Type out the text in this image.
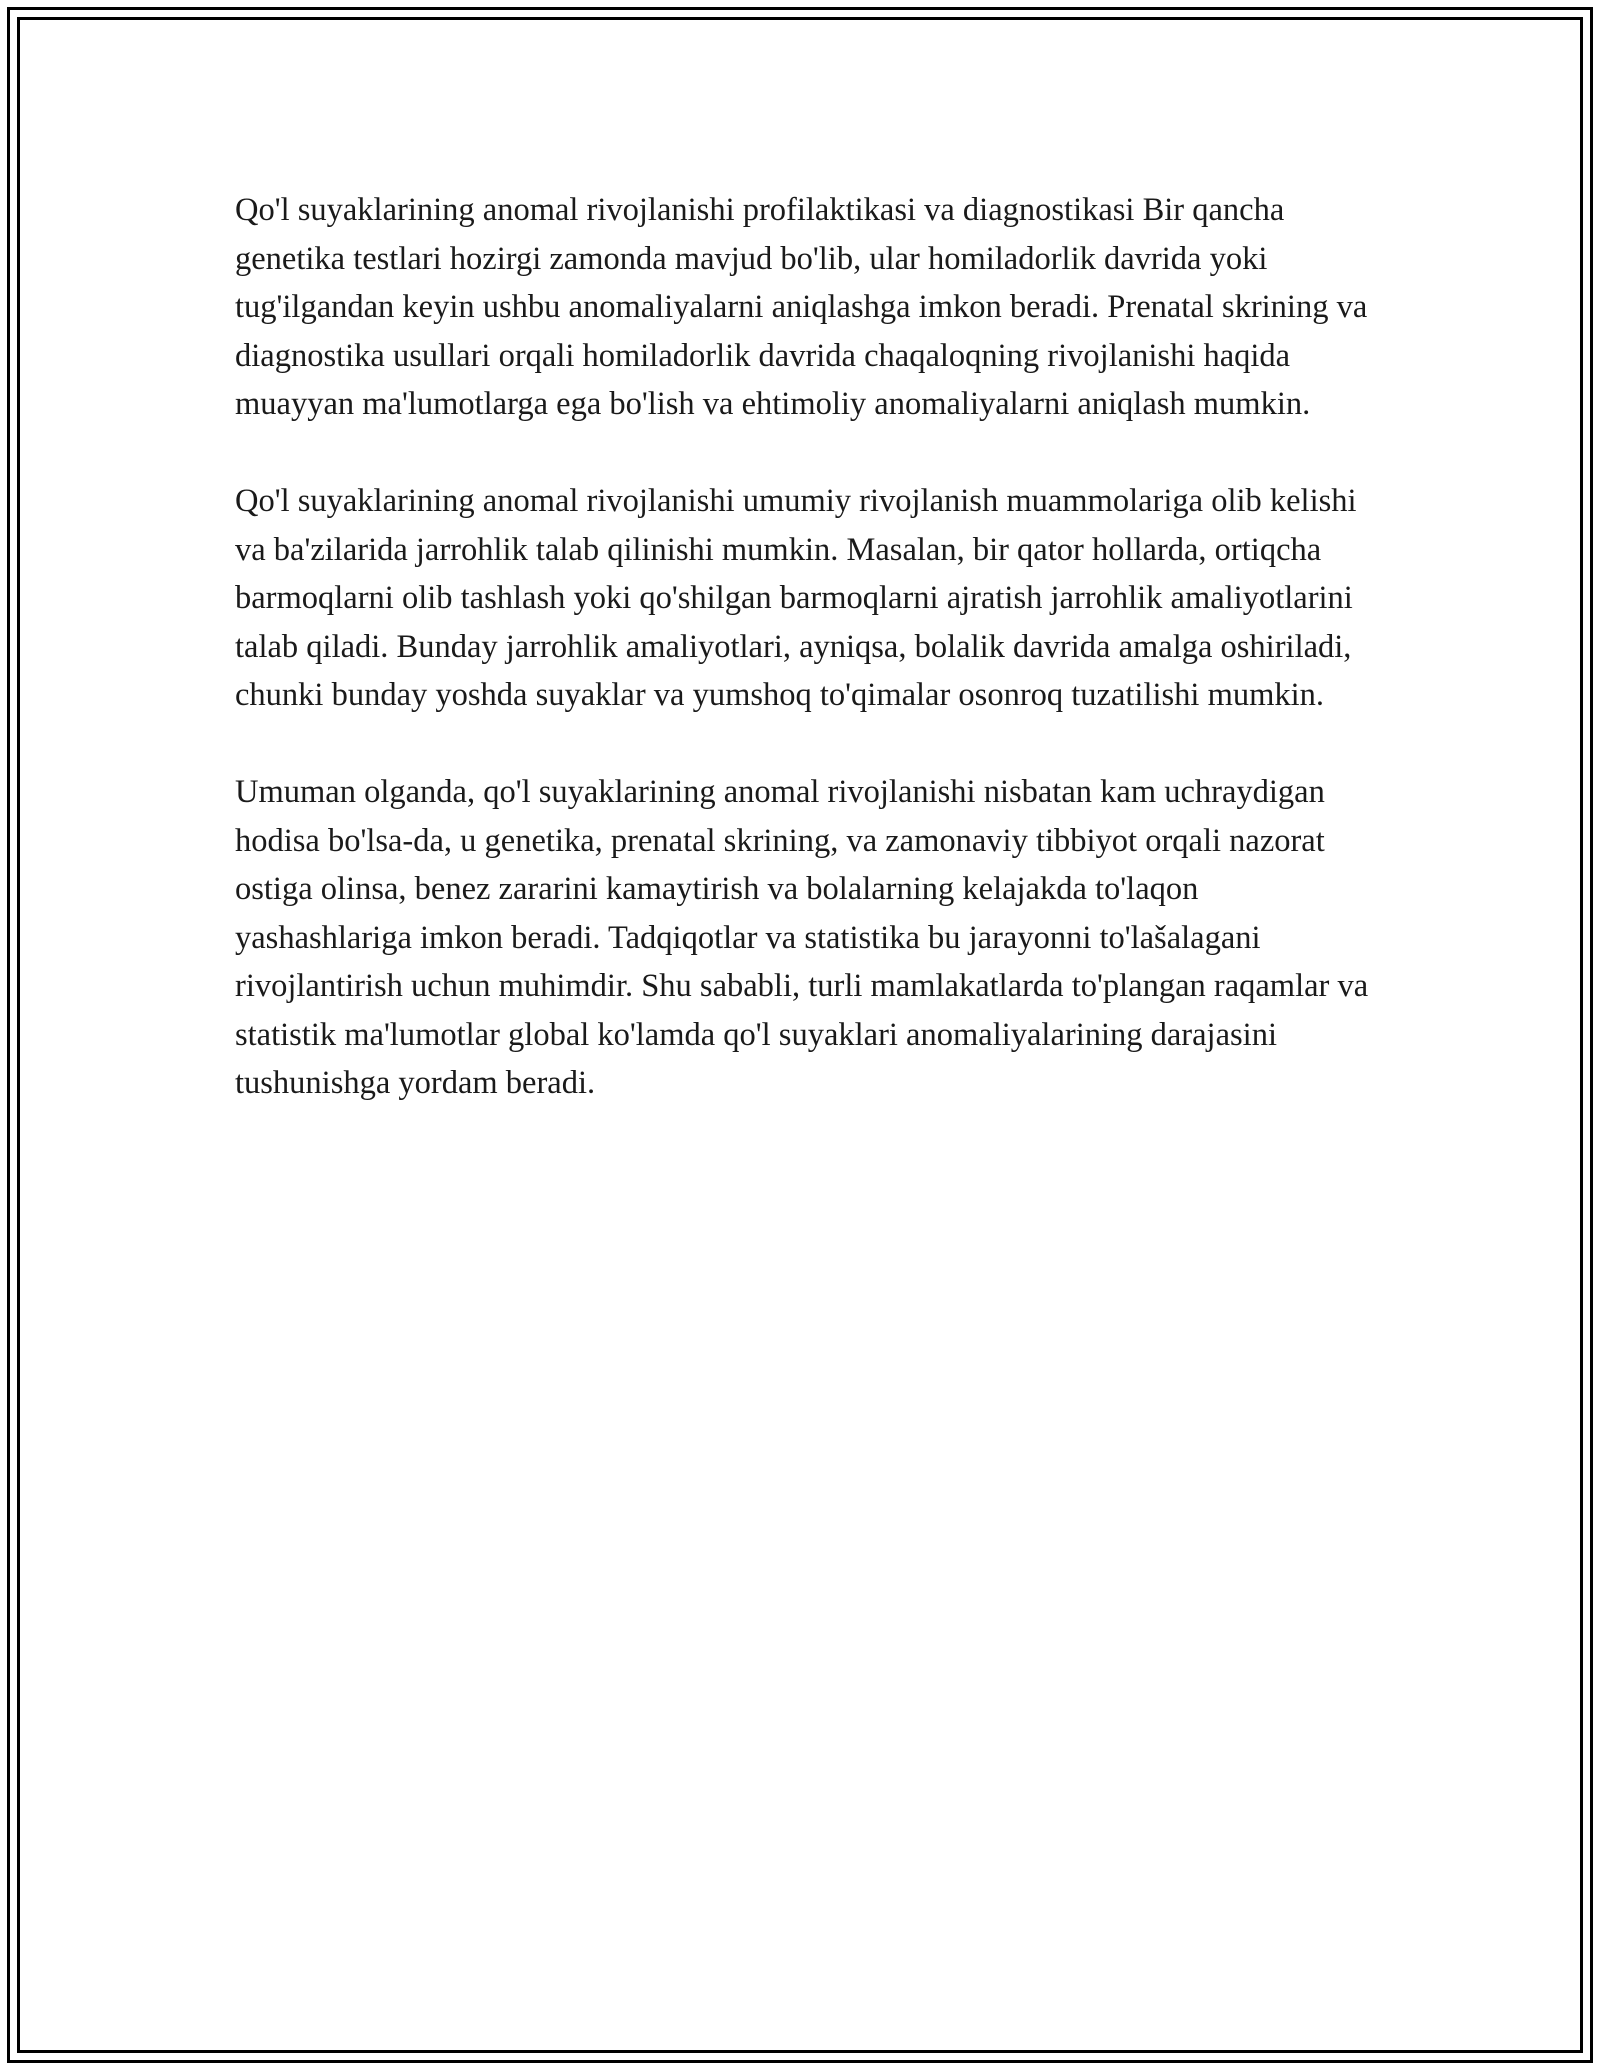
Qo'l suyaklarining anomal rivojlanishi profilaktikasi va diagnostikasi Bir qancha genetika testlari hozirgi zamonda mavjud bo'lib, ular homiladorlik davrida yoki tug'ilgandan keyin ushbu anomaliyalarni aniqlashga imkon beradi. Prenatal skrining va diagnostika usullari orqali homiladorlik davrida chaqaloqning rivojlanishi haqida muayyan ma'lumotlarga ega bo'lish va ehtimoliy anomaliyalarni aniqlash mumkin.

Qo'l suyaklarining anomal rivojlanishi umumiy rivojlanish muammolariga olib kelishi va ba'zilarida jarrohlik talab qilinishi mumkin. Masalan, bir qator hollarda, ortiqcha barmoqlarni olib tashlash yoki qo'shilgan barmoqlarni ajratish jarrohlik amaliyotlarini talab qiladi. Bunday jarrohlik amaliyotlari, ayniqsa, bolalik davrida amalga oshiriladi, chunki bunday yoshda suyaklar va yumshoq to'qimalar osonroq tuzatilishi mumkin.

Umuman olganda, qo'l suyaklarining anomal rivojlanishi nisbatan kam uchraydigan hodisa bo'lsa-da, u genetika, prenatal skrining, va zamonaviy tibbiyot orqali nazorat ostiga olinsa, benez zararini kamaytirish va bolalarning kelajakda to'laqon yashashlariga imkon beradi. Tadqiqotlar va statistika bu jarayonni to'lašalagani rivojlantirish uchun muhimdir. Shu sababli, turli mamlakatlarda to'plangan raqamlar va statistik ma'lumotlar global ko'lamda qo'l suyaklari anomaliyalarining darajasini tushunishga yordam beradi.
